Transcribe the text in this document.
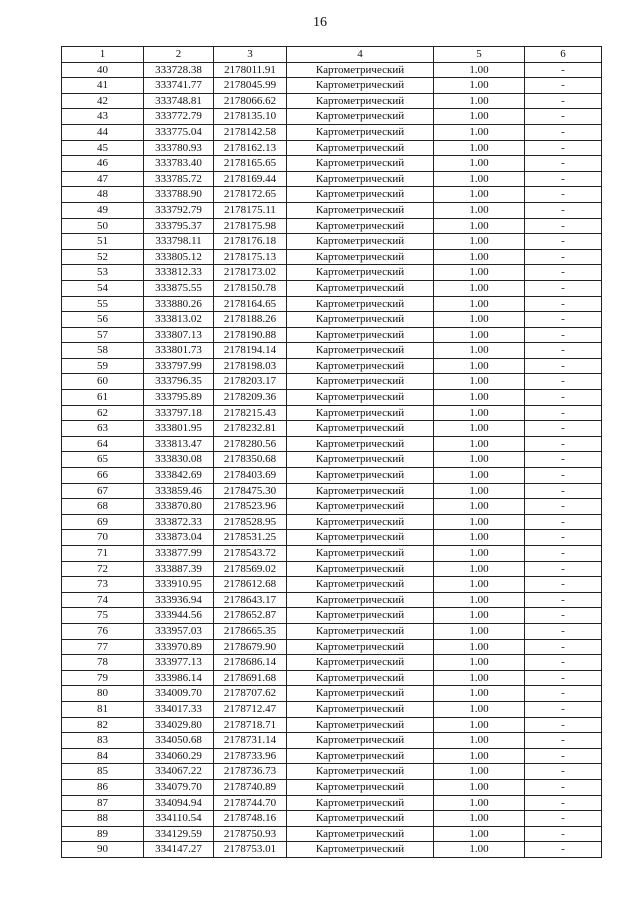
16
1	2	3	4	5	6
40	333728.38	2178011.91	Картометрический	1.00	-
41	333741.77	2178045.99	Картометрический	1.00	-
42	333748.81	2178066.62	Картометрический	1.00	-
43	333772.79	2178135.10	Картометрический	1.00	-
44	333775.04	2178142.58	Картометрический	1.00	-
45	333780.93	2178162.13	Картометрический	1.00	-
46	333783.40	2178165.65	Картометрический	1.00	-
47	333785.72	2178169.44	Картометрический	1.00	-
48	333788.90	2178172.65	Картометрический	1.00	-
49	333792.79	2178175.11	Картометрический	1.00	-
50	333795.37	2178175.98	Картометрический	1.00	-
51	333798.11	2178176.18	Картометрический	1.00	-
52	333805.12	2178175.13	Картометрический	1.00	-
53	333812.33	2178173.02	Картометрический	1.00	-
54	333875.55	2178150.78	Картометрический	1.00	-
55	333880.26	2178164.65	Картометрический	1.00	-
56	333813.02	2178188.26	Картометрический	1.00	-
57	333807.13	2178190.88	Картометрический	1.00	-
58	333801.73	2178194.14	Картометрический	1.00	-
59	333797.99	2178198.03	Картометрический	1.00	-
60	333796.35	2178203.17	Картометрический	1.00	-
61	333795.89	2178209.36	Картометрический	1.00	-
62	333797.18	2178215.43	Картометрический	1.00	-
63	333801.95	2178232.81	Картометрический	1.00	-
64	333813.47	2178280.56	Картометрический	1.00	-
65	333830.08	2178350.68	Картометрический	1.00	-
66	333842.69	2178403.69	Картометрический	1.00	-
67	333859.46	2178475.30	Картометрический	1.00	-
68	333870.80	2178523.96	Картометрический	1.00	-
69	333872.33	2178528.95	Картометрический	1.00	-
70	333873.04	2178531.25	Картометрический	1.00	-
71	333877.99	2178543.72	Картометрический	1.00	-
72	333887.39	2178569.02	Картометрический	1.00	-
73	333910.95	2178612.68	Картометрический	1.00	-
74	333936.94	2178643.17	Картометрический	1.00	-
75	333944.56	2178652.87	Картометрический	1.00	-
76	333957.03	2178665.35	Картометрический	1.00	-
77	333970.89	2178679.90	Картометрический	1.00	-
78	333977.13	2178686.14	Картометрический	1.00	-
79	333986.14	2178691.68	Картометрический	1.00	-
80	334009.70	2178707.62	Картометрический	1.00	-
81	334017.33	2178712.47	Картометрический	1.00	-
82	334029.80	2178718.71	Картометрический	1.00	-
83	334050.68	2178731.14	Картометрический	1.00	-
84	334060.29	2178733.96	Картометрический	1.00	-
85	334067.22	2178736.73	Картометрический	1.00	-
86	334079.70	2178740.89	Картометрический	1.00	-
87	334094.94	2178744.70	Картометрический	1.00	-
88	334110.54	2178748.16	Картометрический	1.00	-
89	334129.59	2178750.93	Картометрический	1.00	-
90	334147.27	2178753.01	Картометрический	1.00	-
